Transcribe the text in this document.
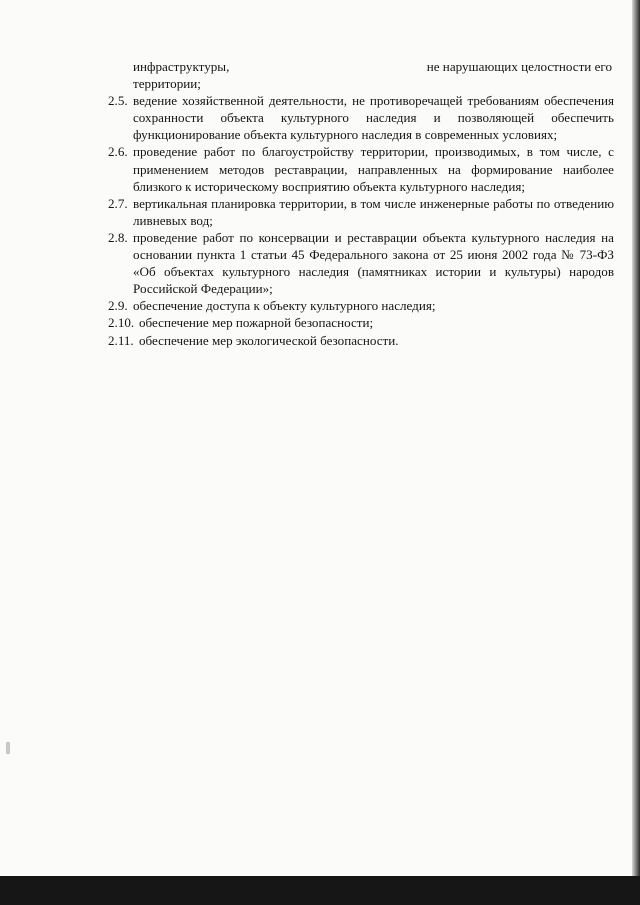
инфраструктуры,	не нарушающих целостности его
территории;
2.5. ведение хозяйственной деятельности, не противоречащей требованиям обеспечения сохранности объекта культурного наследия и позволяющей обеспечить функционирование объекта культурного наследия в современных условиях;
2.6. проведение работ по благоустройству территории, производимых, в том числе, с применением методов реставрации, направленных на формирование наиболее близкого к историческому восприятию объекта культурного наследия;
2.7. вертикальная планировка территории, в том числе инженерные работы по отведению ливневых вод;
2.8. проведение работ по консервации и реставрации объекта культурного наследия на основании пункта 1 статьи 45 Федерального закона от 25 июня 2002 года № 73-ФЗ «Об объектах культурного наследия (памятниках истории и культуры) народов Российской Федерации»;
2.9. обеспечение доступа к объекту культурного наследия;
2.10. обеспечение мер пожарной безопасности;
2.11. обеспечение мер экологической безопасности.
